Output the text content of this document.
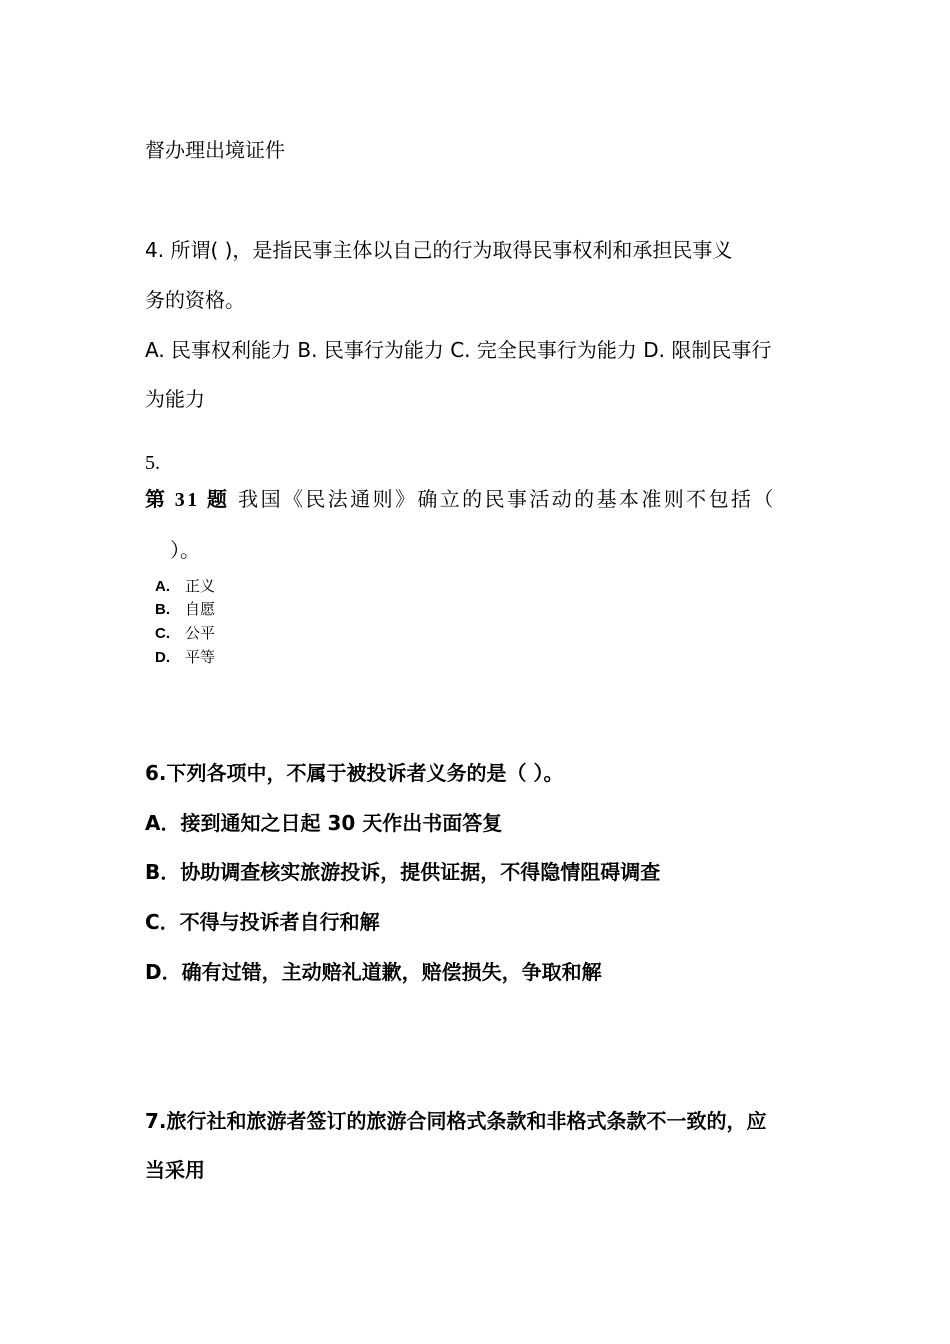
督办理出境证件
4. 所谓( )，是指民事主体以自己的行为取得民事权利和承担民事义
务的资格。
A. 民事权利能力 B. 民事行为能力 C. 完全民事行为能力 D. 限制民事行
为能力
5.
第 31 题 我国《民法通则》确立的民事活动的基本准则不包括（
）。
A. 正义
B. 自愿
C. 公平
D. 平等
6.下列各项中，不属于被投诉者义务的是（ ）。
A．接到通知之日起 30 天作出书面答复
B．协助调查核实旅游投诉，提供证据，不得隐情阻碍调查
C．不得与投诉者自行和解
D．确有过错，主动赔礼道歉，赔偿损失，争取和解
7.旅行社和旅游者签订的旅游合同格式条款和非格式条款不一致的，应
当采用
